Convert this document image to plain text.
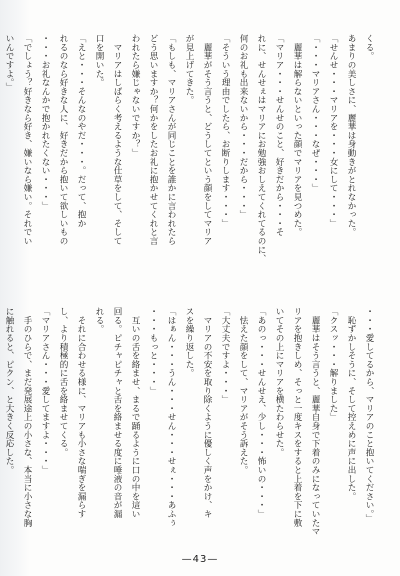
くる。

あまりの美しさに、麗華は身動きがとれなかった。

「せんせ・・・マリアを・・・女にして・・・」

「・・・マリアさん・・・なぜ・・・」

　麗華は解らないといった顔でマリアを見つめた。

「マリア・・・せんせのこと、好きだから・・・そ

れに、せんせぇはマリアにお勉強おしえてくれてるのに、

何のお礼も出来ないから・・・だから・・・」

「そういう理由でしたら、お断りします・・・」

　麗華がそう言うと、どうしてという顔をしてマリア

が見上げてきた。

「もしも、マリアさんが同じことを誰かに言われたら

どう思いますか？何かをしたお礼に抱かせてくれと言

われたら嫌じゃないですか？」

　マリアはしばらく考えるような仕草をして、そして

口を開いた。

「えと・・・そんなのやだ・・・。だって、抱か

れるのなら好きな人に、好きだから抱いて欲しいもの

・・・お礼なんかで抱かれたくない・・・」

「でしょう？好きなら好き、嫌いなら嫌い。それでい

いんですよ。」

・・・愛してるから、マリアのこと抱いてください。」

　恥ずかしそうに、そして控えめに声に出した。

「クスッ・・・解りました」

　麗華はそう言うと、麗華自身で下着のみになっていたマ

リアを抱きしめ、そっと一度キスをすると上着を下に敷

いてその上にマリアを横たわらせた。

「あのっ・・・せんせえ、少し・・・怖いの・・・」

　怯えた顔をして、マリアがそう訴えた。

「大丈夫ですよ・・・」

　マリアの不安を取り除くように優しく声をかけ、キ

スを繰り返した。

「はぁん・・・うん・・・せん・・・せぇ・・・あふぅ

・・・もっと・・・」

　互いの舌を絡ませ、まるで踊るように口の中を這い

回る。ピチャピチャと舌を絡ませる度に唾液の音が漏

れる。

　それに合わせる様に、マリアも小さな喘ぎを漏らす

し、より積極的に舌を絡ませてくる。

「マリアさん・・・愛してますよ・・・」

　手のひらで、まだ発展途上の小さな、本当に小さな胸

に触れると、ピクン、と大きく反応した。

—43—
